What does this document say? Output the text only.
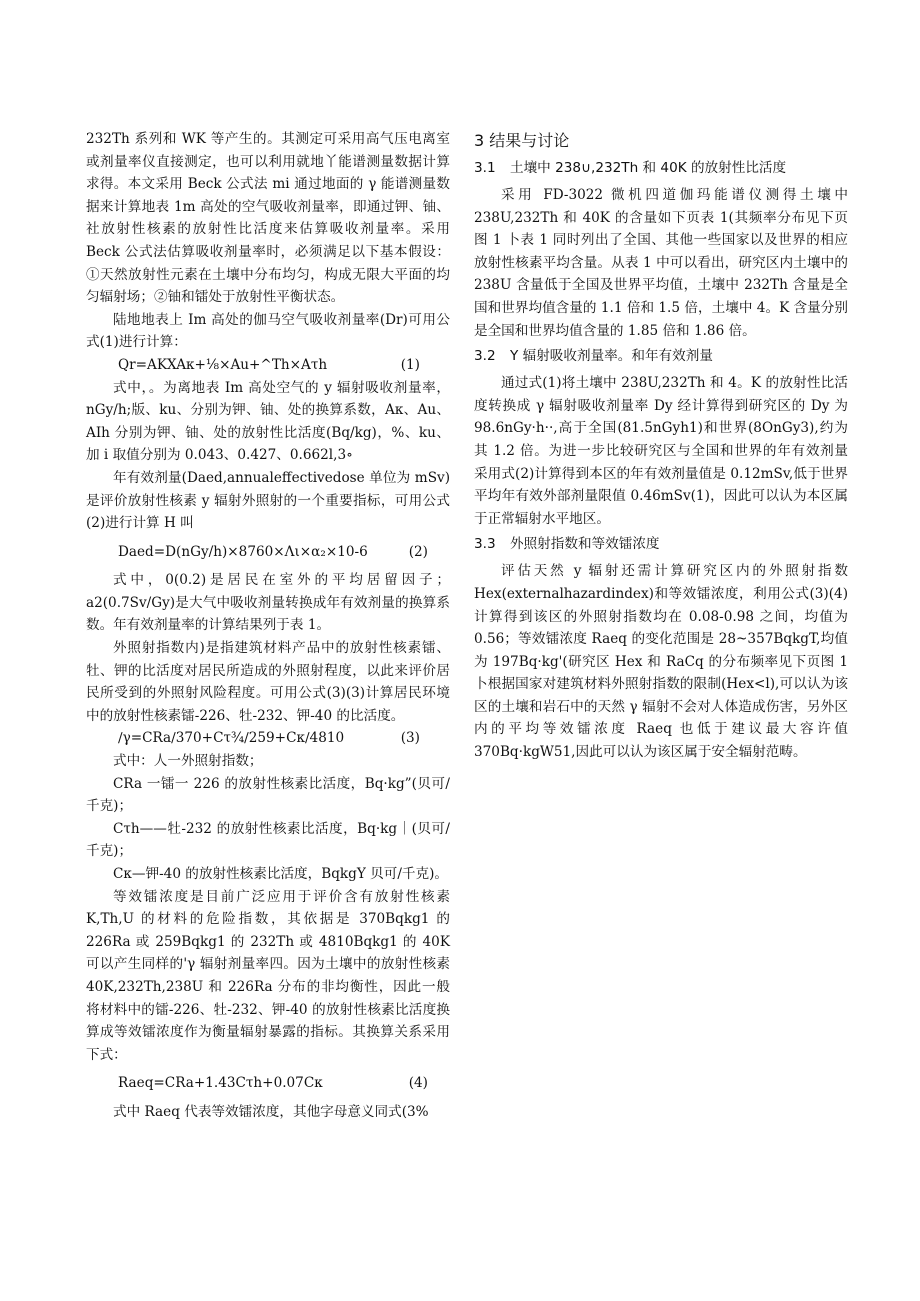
232Th 系列和 WK 等产生的。其测定可采用高气压电离室或剂量率仪直接测定，也可以利用就地丫能谱测量数据计算求得。本文采用 Beck 公式法 mi 通过地面的 γ 能谱测量数据来计算地表 1m 高处的空气吸收剂量率，即通过钾、铀、社放射性核素的放射性比活度来估算吸收剂量率。采用 Beck 公式法估算吸收剂量率时，必须满足以下基本假设：①天然放射性元素在土壤中分布均匀，构成无限大平面的均匀辐射场；②铀和镭处于放射性平衡状态。

陆地地表上 Im 高处的伽马空气吸收剂量率(Dr)可用公式(1)进行计算：

Qr=AKXAκ+⅛×Au+^Th×Aτh	(1)

式中，。为离地表 Im 高处空气的 y 辐射吸收剂量率，nGy/h;版、ku、分别为钾、铀、处的换算系数，Aκ、Au、AIh 分别为钾、铀、处的放射性比活度(Bq/kg)，%、ku、加 i 取值分别为 0.043、0.427、0.662l,3∘

年有效剂量(Daed,annualeffectivedose 单位为 mSv)是评价放射性核素 y 辐射外照射的一个重要指标，可用公式(2)进行计算 H 叫

Daed=D(nGy/h)×8760×Λι×α₂×10-6	(2)

式中，0(0.2)是居民在室外的平均居留因子；a2(0.7Sv/Gy)是大气中吸收剂量转换成年有效剂量的换算系数。年有效剂量率的计算结果列于表 1。

外照射指数内)是指建筑材料产品中的放射性核素镭、牡、钾的比活度对居民所造成的外照射程度，以此来评价居民所受到的外照射风险程度。可用公式(3)(3)计算居民环境中的放射性核素镭-226、牡-232、钾-40 的比活度。

∕γ=CRa∕370+Cτ¾∕259+Cκ∕4810	(3)

式中：人一外照射指数；

CRa 一镭一 226 的放射性核素比活度，Bq·kg”(贝可/千克)；

Cτh——牡-232 的放射性核素比活度，Bq·kg｜(贝可/千克)；

Cκ—钾-40 的放射性核素比活度，BqkgY 贝可/千克)。

等效镭浓度是目前广泛应用于评价含有放射性核素 K,Th,U 的材料的危险指数，其依据是 370Bqkg1 的 226Ra 或 259Bqkg1 的 232Th 或 4810Bqkg1 的 40K 可以产生同样的'γ 辐射剂量率四。因为土壤中的放射性核素 40K,232Th,238U 和 226Ra 分布的非均衡性，因此一般将材料中的镭-226、牡-232、钾-40 的放射性核素比活度换算成等效镭浓度作为衡量辐射暴露的指标。其换算关系采用下式：

Raeq=CRa+1.43Cτh+0.07Cκ	(4)

式中 Raeq 代表等效镭浓度，其他字母意义同式(3%

3 结果与讨论
3.1 土壤中 238∪,232Th 和 40K 的放射性比活度

采用 FD-3022 微机四道伽玛能谱仪测得土壤中 238U,232Th 和 40K 的含量如下页表 1(其频率分布见下页图 1 卜表 1 同时列出了全国、其他一些国家以及世界的相应放射性核素平均含量。从表 1 中可以看出，研究区内土壤中的 238U 含量低于全国及世界平均值，土壤中 232Th 含量是全国和世界均值含量的 1.1 倍和 1.5 倍，土壤中 4。K 含量分别是全国和世界均值含量的 1.85 倍和 1.86 倍。

3.2 Y 辐射吸收剂量率。和年有效剂量

通过式(1)将土壤中 238U,232Th 和 4。K 的放射性比活度转换成 γ 辐射吸收剂量率 Dy 经计算得到研究区的 Dy 为 98.6nGy·h··,高于全国(81.5nGyh1)和世界(8OnGy3),约为其 1.2 倍。为进一步比较研究区与全国和世界的年有效剂量 采用式(2)计算得到本区的年有效剂量值是 0.12mSv,低于世界平均年有效外部剂量限值 0.46mSv(1)，因此可以认为本区属于正常辐射水平地区。

3.3 外照射指数和等效镭浓度

评估天然 y 辐射还需计算研究区内的外照射指数 Hex(externalhazardindex)和等效镭浓度，利用公式(3)(4)计算得到该区的外照射指数均在 0.08-0.98 之间，均值为 0.56；等效镭浓度 Raeq 的变化范围是 28~357BqkgT,均值为 197Bq·kg'(研究区 Hex 和 RaCq 的分布频率见下页图 1 卜根据国家对建筑材料外照射指数的限制(Hex<l),可以认为该区的土壤和岩石中的天然 γ 辐射不会对人体造成伤害，另外区内的平均等效镭浓度 Raeq 也低于建议最大容许值 370Bq·kgW51,因此可以认为该区属于安全辐射范畴。
